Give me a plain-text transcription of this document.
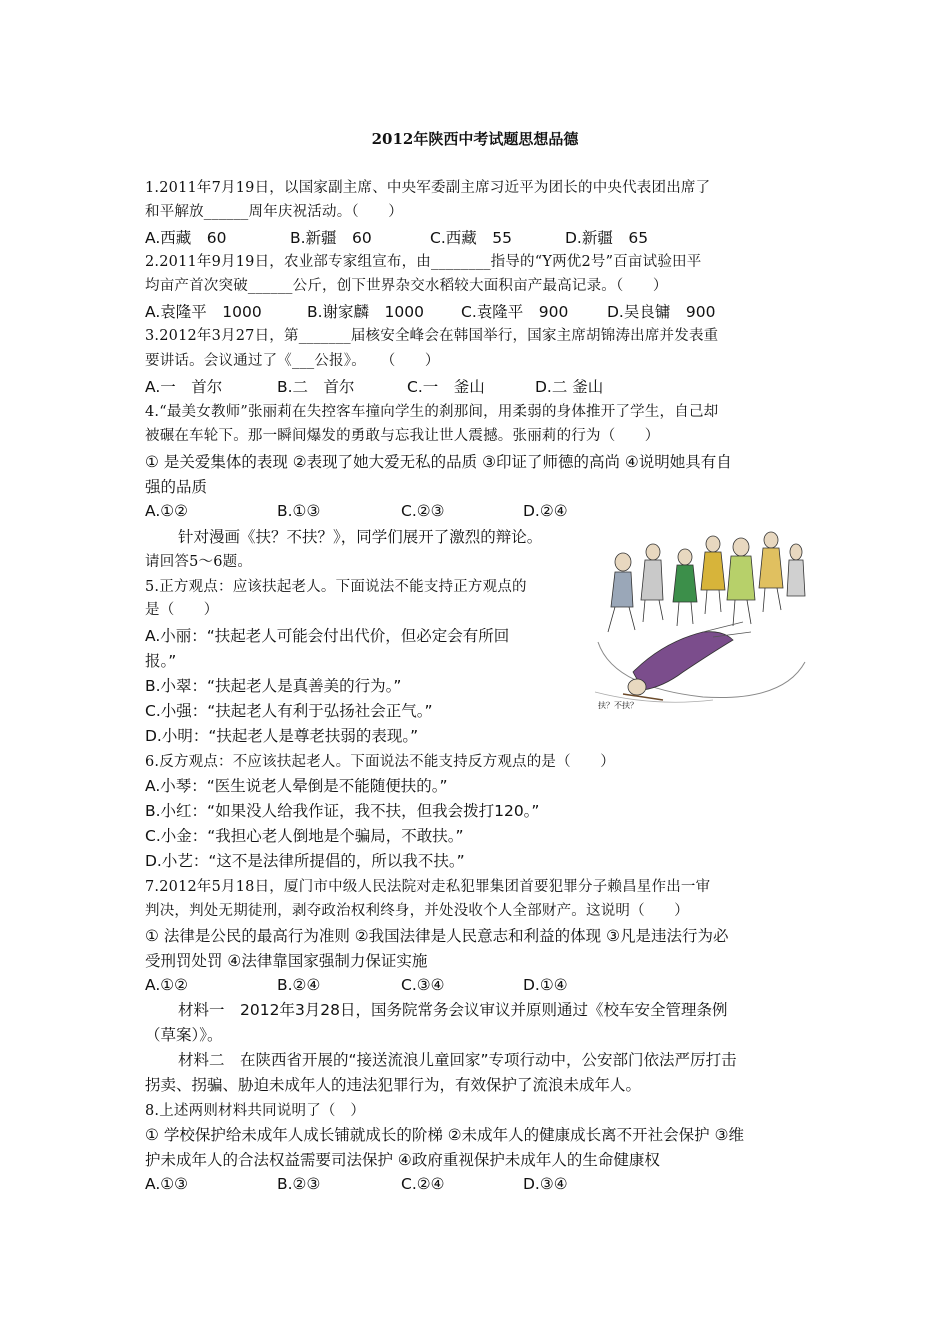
2012年陕西中考试题思想品德
1.2011年7月19日，以国家副主席、中央军委副主席习近平为团长的中央代表团出席了
和平解放______周年庆祝活动。（　　）
A.西藏　60	B.新疆　60	C.西藏　55	D.新疆　65
2.2011年9月19日，农业部专家组宣布，由________指导的“Y两优2号”百亩试验田平
均亩产首次突破______公斤，创下世界杂交水稻较大面积亩产最高记录。（　　）
A.袁隆平　1000	B.谢家麟　1000 C.袁隆平　900 D.吴良镛　900
3.2012年3月27日，第_______届核安全峰会在韩国举行，国家主席胡锦涛出席并发表重
要讲话。会议通过了《___公报》。　　（　　）
A.一　首尔	B.二　首尔	C.一　釜山	D.二 釜山
4.“最美女教师”张丽莉在失控客车撞向学生的刹那间，用柔弱的身体推开了学生，自己却
被碾在车轮下。那一瞬间爆发的勇敢与忘我让世人震撼。张丽莉的行为（　　）
① 是关爱集体的表现 ②表现了她大爱无私的品质 ③印证了师德的高尚 ④说明她具有自
强的品质
A.①②	B.①③	C.②③	D.②④
针对漫画《扶？不扶？》，同学们展开了激烈的辩论。
请回答5～6题。
5.正方观点：应该扶起老人。下面说法不能支持正方观点的
是（　　）
A.小丽：“扶起老人可能会付出代价，但必定会有所回
报。”
B.小翠：“扶起老人是真善美的行为。”
C.小强：“扶起老人有利于弘扬社会正气。”
D.小明：“扶起老人是尊老扶弱的表现。”
6.反方观点：不应该扶起老人。下面说法不能支持反方观点的是（　　）
A.小琴：“医生说老人晕倒是不能随便扶的。”
B.小红：“如果没人给我作证，我不扶，但我会拨打120。”
C.小金：“我担心老人倒地是个骗局，不敢扶。”
D.小艺：“这不是法律所提倡的，所以我不扶。”
7.2012年5月18日，厦门市中级人民法院对走私犯罪集团首要犯罪分子赖昌星作出一审
判决，判处无期徒刑，剥夺政治权利终身，并处没收个人全部财产。这说明（　　）
① 法律是公民的最高行为准则 ②我国法律是人民意志和利益的体现 ③凡是违法行为必
受刑罚处罚 ④法律靠国家强制力保证实施
A.①②	B.②④	C.③④	D.①④
材料一　2012年3月28日，国务院常务会议审议并原则通过《校车安全管理条例
（草案）》。
材料二　在陕西省开展的“接送流浪儿童回家”专项行动中，公安部门依法严厉打击
拐卖、拐骗、胁迫未成年人的违法犯罪行为，有效保护了流浪未成年人。
8.上述两则材料共同说明了（　）
① 学校保护给未成年人成长铺就成长的阶梯 ②未成年人的健康成长离不开社会保护 ③维
护未成年人的合法权益需要司法保护 ④政府重视保护未成年人的生命健康权
A.①③	B.②③	C.②④	D.③④
扶？不扶？
